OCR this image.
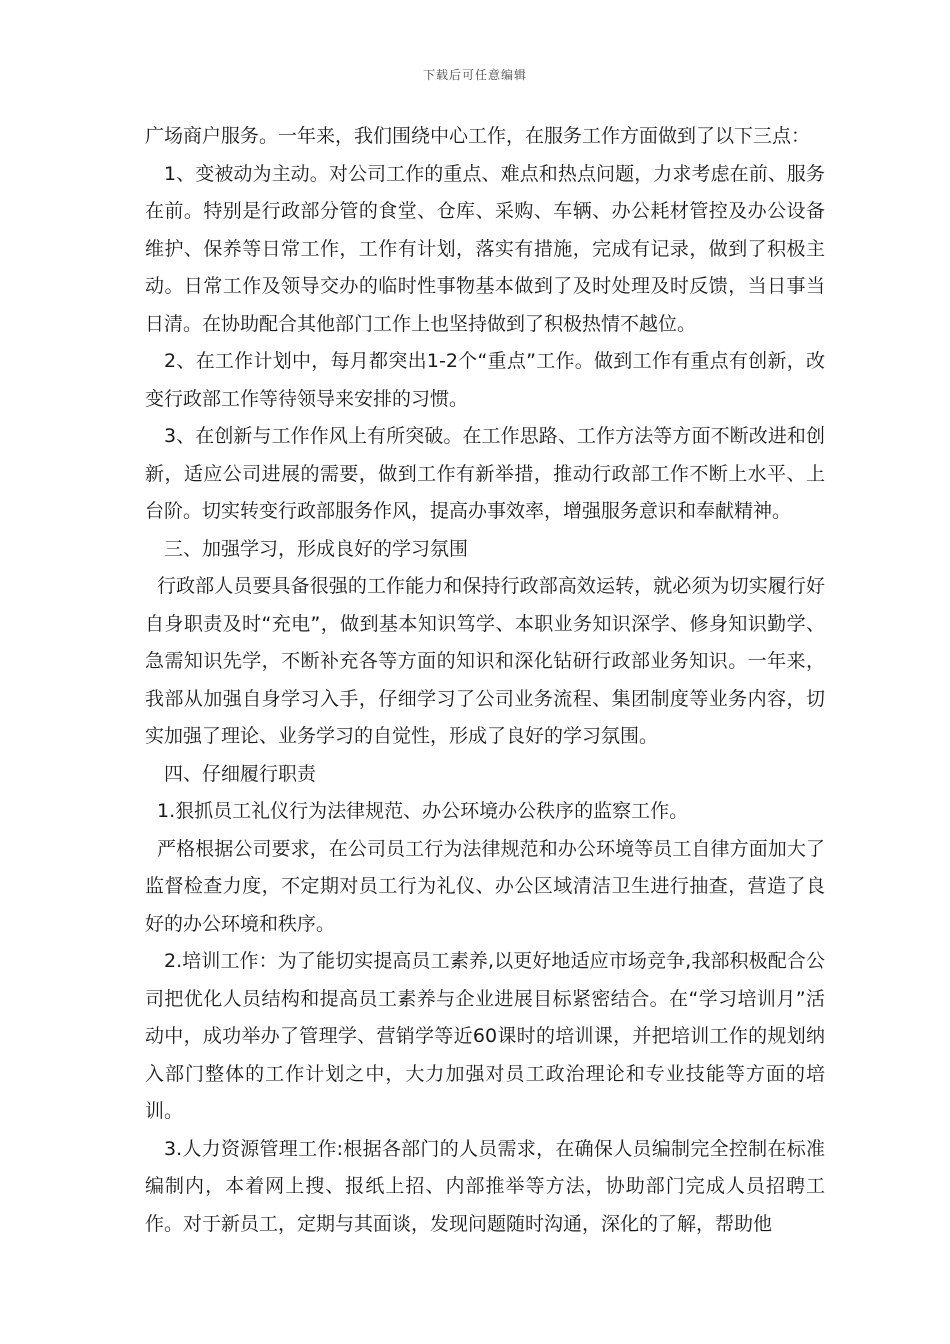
下载后可任意编辑

广场商户服务。一年来，我们围绕中心工作，在服务工作方面做到了以下三点：

1、变被动为主动。对公司工作的重点、难点和热点问题，力求考虑在前、服务在前。特别是行政部分管的食堂、仓库、采购、车辆、办公耗材管控及办公设备维护、保养等日常工作，工作有计划，落实有措施，完成有记录，做到了积极主动。日常工作及领导交办的临时性事物基本做到了及时处理及时反馈，当日事当日清。在协助配合其他部门工作上也坚持做到了积极热情不越位。

2、在工作计划中，每月都突出1-2个“重点”工作。做到工作有重点有创新，改变行政部工作等待领导来安排的习惯。

3、在创新与工作作风上有所突破。在工作思路、工作方法等方面不断改进和创新，适应公司进展的需要，做到工作有新举措，推动行政部工作不断上水平、上台阶。切实转变行政部服务作风，提高办事效率，增强服务意识和奉献精神。

三、加强学习，形成良好的学习氛围

行政部人员要具备很强的工作能力和保持行政部高效运转，就必须为切实履行好自身职责及时“充电”，做到基本知识笃学、本职业务知识深学、修身知识勤学、急需知识先学，不断补充各等方面的知识和深化钻研行政部业务知识。一年来，我部从加强自身学习入手，仔细学习了公司业务流程、集团制度等业务内容，切实加强了理论、业务学习的自觉性，形成了良好的学习氛围。

四、仔细履行职责

1.狠抓员工礼仪行为法律规范、办公环境办公秩序的监察工作。

严格根据公司要求，在公司员工行为法律规范和办公环境等员工自律方面加大了监督检查力度，不定期对员工行为礼仪、办公区域清洁卫生进行抽查，营造了良好的办公环境和秩序。

2.培训工作：为了能切实提高员工素养,以更好地适应市场竞争,我部积极配合公司把优化人员结构和提高员工素养与企业进展目标紧密结合。在“学习培训月”活动中，成功举办了管理学、营销学等近60课时的培训课，并把培训工作的规划纳入部门整体的工作计划之中，大力加强对员工政治理论和专业技能等方面的培训。

3.人力资源管理工作:根据各部门的人员需求，在确保人员编制完全控制在标准编制内，本着网上搜、报纸上招、内部推举等方法，协助部门完成人员招聘工作。对于新员工，定期与其面谈，发现问题随时沟通，深化的了解，帮助他
